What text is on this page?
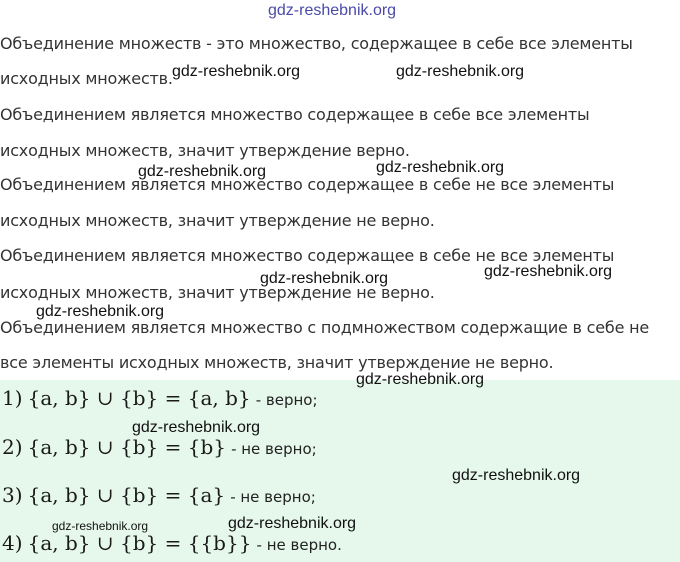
gdz-reshebnik.org

Объединение множеств - это множество, содержащее в себе все элементы

исходных множеств.

Объединением является множество содержащее в себе все элементы

исходных множеств, значит утверждение верно.

Объединением является множество содержащее в себе не все элементы

исходных множеств, значит утверждение не верно.

Объединением является множество содержащее в себе не все элементы

исходных множеств, значит утверждение не верно.

Объединением является множество с подмножеством содержащие в себе не

все элементы исходных множеств, значит утверждение не верно.

1) {a, b} ∪ {b} = {a, b} - верно;
2) {a, b} ∪ {b} = {b} - не верно;
3) {a, b} ∪ {b} = {a} - не верно;
4) {a, b} ∪ {b} = {{b}} - не верно.
gdz-reshebnik.org	gdz-reshebnik.org
gdz-reshebnik.org
gdz-reshebnik.org
gdz-reshebnik.org
gdz-reshebnik.org
gdz-reshebnik.org
gdz-reshebnik.org
gdz-reshebnik.org
gdz-reshebnik.org
gdz-reshebnik.org	gdz-reshebnik.org
